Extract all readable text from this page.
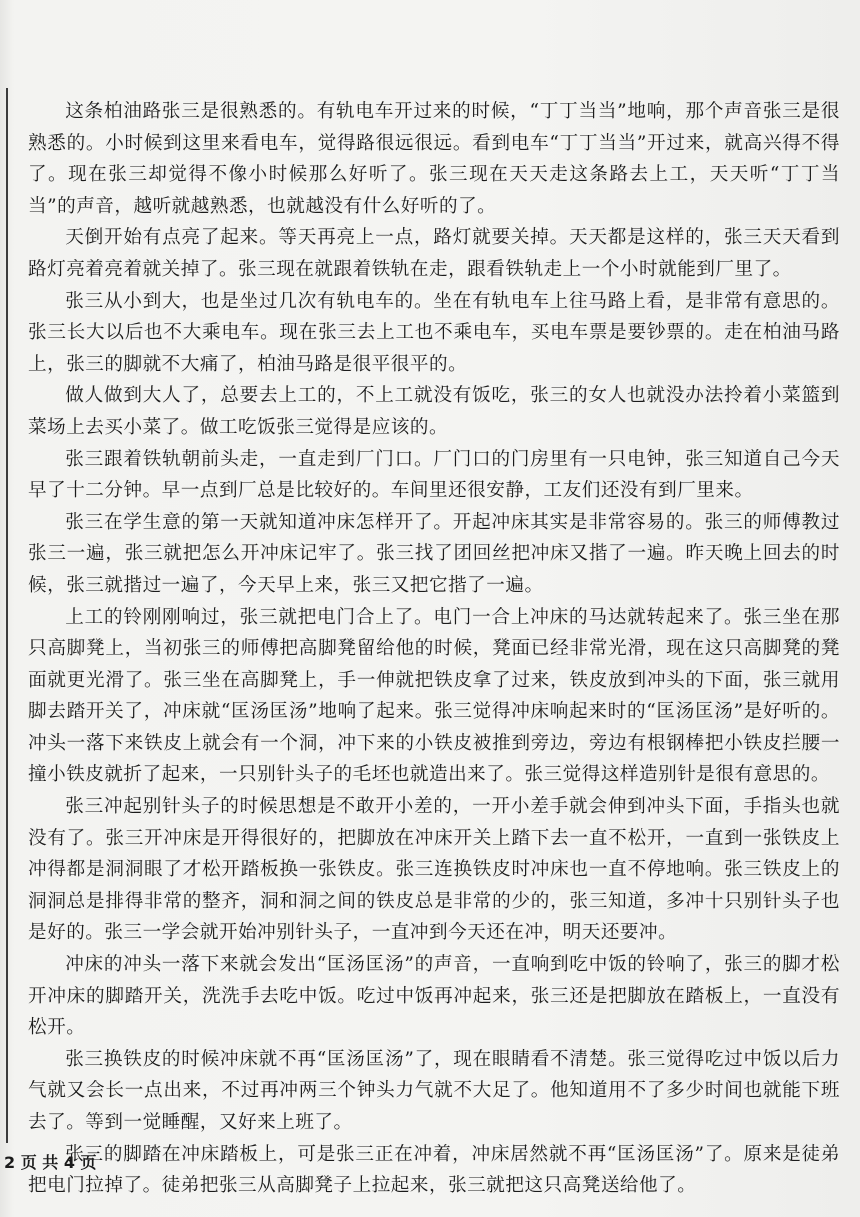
这条柏油路张三是很熟悉的。有轨电车开过来的时候，“丁丁当当”地响，那个声音张三是很熟悉的。小时候到这里来看电车，觉得路很远很远。看到电车“丁丁当当”开过来，就高兴得不得了。现在张三却觉得不像小时候那么好听了。张三现在天天走这条路去上工，天天听“丁丁当当”的声音，越听就越熟悉，也就越没有什么好听的了。

天倒开始有点亮了起来。等天再亮上一点，路灯就要关掉。天天都是这样的，张三天天看到路灯亮着亮着就关掉了。张三现在就跟着铁轨在走，跟看铁轨走上一个小时就能到厂里了。

张三从小到大，也是坐过几次有轨电车的。坐在有轨电车上往马路上看，是非常有意思的。张三长大以后也不大乘电车。现在张三去上工也不乘电车，买电车票是要钞票的。走在柏油马路上，张三的脚就不大痛了，柏油马路是很平很平的。

做人做到大人了，总要去上工的，不上工就没有饭吃，张三的女人也就没办法拎着小菜篮到菜场上去买小菜了。做工吃饭张三觉得是应该的。

张三跟着铁轨朝前头走，一直走到厂门口。厂门口的门房里有一只电钟，张三知道自己今天早了十二分钟。早一点到厂总是比较好的。车间里还很安静，工友们还没有到厂里来。

张三在学生意的第一天就知道冲床怎样开了。开起冲床其实是非常容易的。张三的师傅教过张三一遍，张三就把怎么开冲床记牢了。张三找了团回丝把冲床又揩了一遍。昨天晚上回去的时候，张三就揩过一遍了，今天早上来，张三又把它揩了一遍。

上工的铃刚刚响过，张三就把电门合上了。电门一合上冲床的马达就转起来了。张三坐在那只高脚凳上，当初张三的师傅把高脚凳留给他的时候，凳面已经非常光滑，现在这只高脚凳的凳面就更光滑了。张三坐在高脚凳上，手一伸就把铁皮拿了过来，铁皮放到冲头的下面，张三就用脚去踏开关了，冲床就“匡汤匡汤”地响了起来。张三觉得冲床响起来时的“匡汤匡汤”是好听的。冲头一落下来铁皮上就会有一个洞，冲下来的小铁皮被推到旁边，旁边有根钢棒把小铁皮拦腰一撞小铁皮就折了起来，一只别针头子的毛坯也就造出来了。张三觉得这样造别针是很有意思的。

张三冲起别针头子的时候思想是不敢开小差的，一开小差手就会伸到冲头下面，手指头也就没有了。张三开冲床是开得很好的，把脚放在冲床开关上踏下去一直不松开，一直到一张铁皮上冲得都是洞洞眼了才松开踏板换一张铁皮。张三连换铁皮时冲床也一直不停地响。张三铁皮上的洞洞总是排得非常的整齐，洞和洞之间的铁皮总是非常的少的，张三知道，多冲十只别针头子也是好的。张三一学会就开始冲别针头子，一直冲到今天还在冲，明天还要冲。

冲床的冲头一落下来就会发出“匡汤匡汤”的声音，一直响到吃中饭的铃响了，张三的脚才松开冲床的脚踏开关，洗洗手去吃中饭。吃过中饭再冲起来，张三还是把脚放在踏板上，一直没有松开。

张三换铁皮的时候冲床就不再“匡汤匡汤”了，现在眼睛看不清楚。张三觉得吃过中饭以后力气就又会长一点出来，不过再冲两三个钟头力气就不大足了。他知道用不了多少时间也就能下班去了。等到一觉睡醒，又好来上班了。

张三的脚踏在冲床踏板上，可是张三正在冲着，冲床居然就不再“匡汤匡汤”了。原来是徒弟把电门拉掉了。徒弟把张三从高脚凳子上拉起来，张三就把这只高凳送给他了。

2 页 共 4 页
